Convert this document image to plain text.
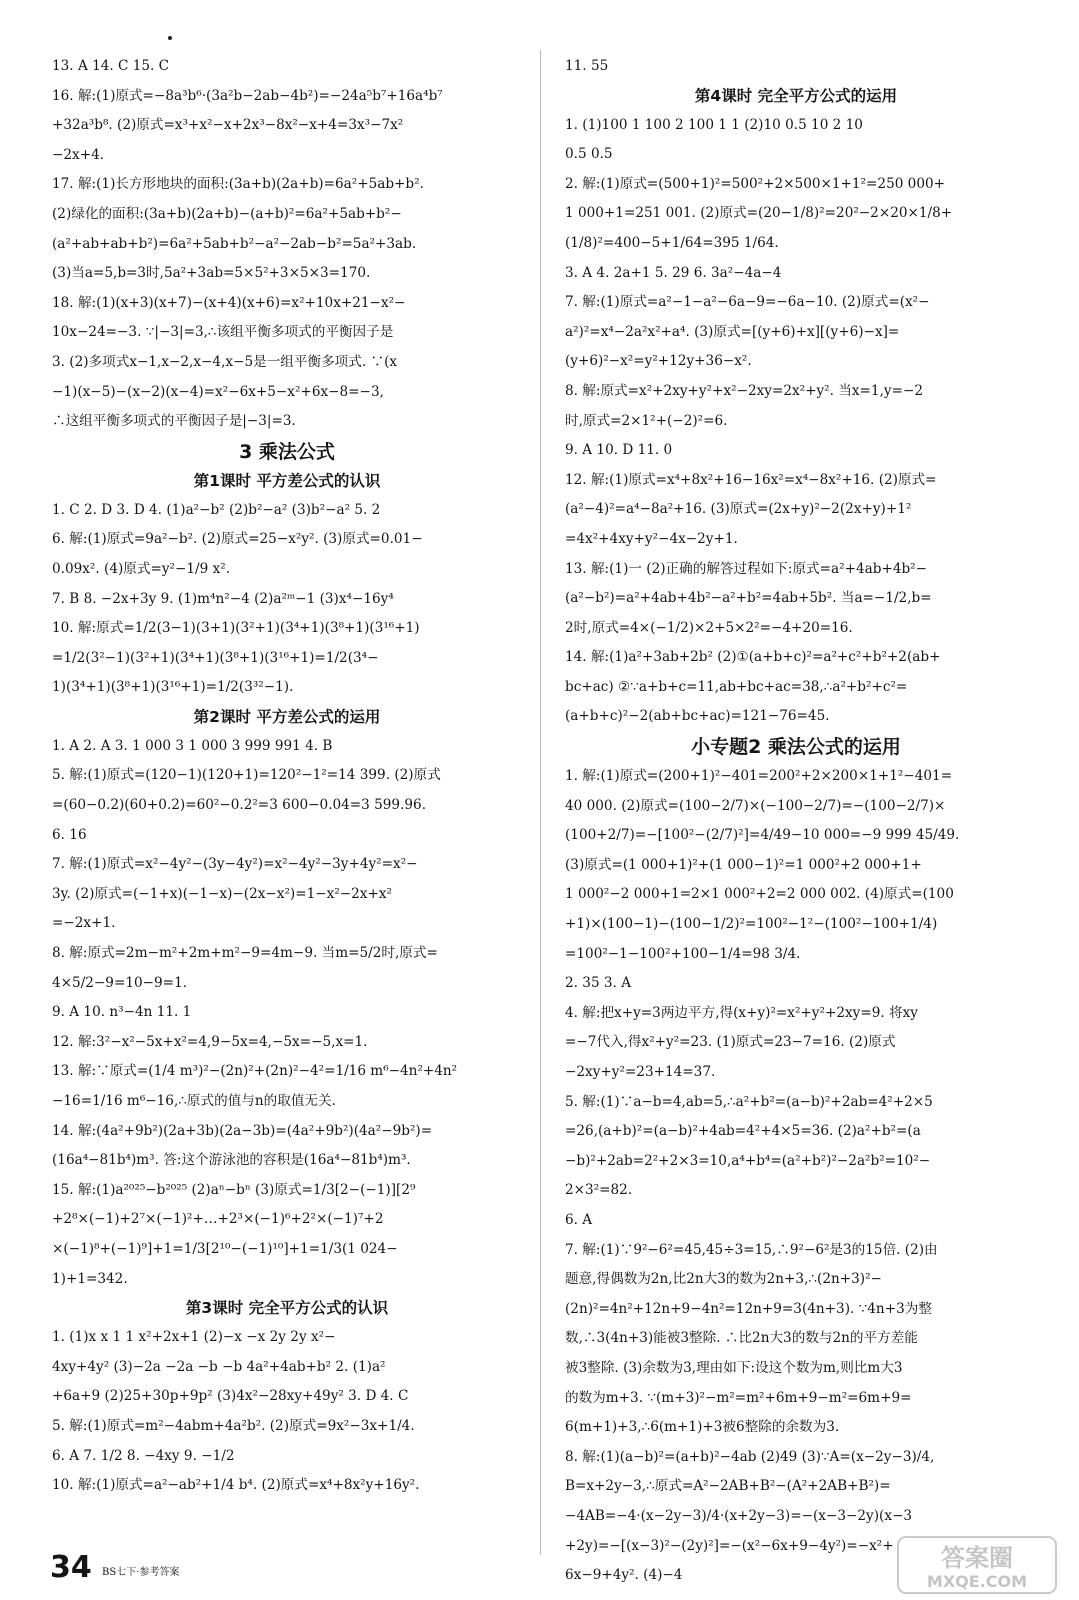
13. A 14. C 15. C
16. 解:(1)原式=−8a³b⁶·(3a²b−2ab−4b²)=−24a⁵b⁷+16a⁴b⁷
+32a³b⁸. (2)原式=x³+x²−x+2x³−8x²−x+4=3x³−7x²
−2x+4.
17. 解:(1)长方形地块的面积:(3a+b)(2a+b)=6a²+5ab+b².
(2)绿化的面积:(3a+b)(2a+b)−(a+b)²=6a²+5ab+b²−
(a²+ab+ab+b²)=6a²+5ab+b²−a²−2ab−b²=5a²+3ab.
(3)当a=5,b=3时,5a²+3ab=5×5²+3×5×3=170.
18. 解:(1)(x+3)(x+7)−(x+4)(x+6)=x²+10x+21−x²−
10x−24=−3. ∵|−3|=3,∴该组平衡多项式的平衡因子是
3. (2)多项式x−1,x−2,x−4,x−5是一组平衡多项式. ∵(x
−1)(x−5)−(x−2)(x−4)=x²−6x+5−x²+6x−8=−3,
∴这组平衡多项式的平衡因子是|−3|=3.
3 乘法公式
第1课时 平方差公式的认识
1. C 2. D 3. D 4. (1)a²−b² (2)b²−a² (3)b²−a² 5. 2
6. 解:(1)原式=9a²−b². (2)原式=25−x²y². (3)原式=0.01−
0.09x². (4)原式=y²−1/9 x².
7. B 8. −2x+3y 9. (1)m⁴n²−4 (2)a²ᵐ−1 (3)x⁴−16y⁴
10. 解:原式=1/2(3−1)(3+1)(3²+1)(3⁴+1)(3⁸+1)(3¹⁶+1)
=1/2(3²−1)(3²+1)(3⁴+1)(3⁸+1)(3¹⁶+1)=1/2(3⁴−
1)(3⁴+1)(3⁸+1)(3¹⁶+1)=1/2(3³²−1).
第2课时 平方差公式的运用
1. A 2. A 3. 1 000 3 1 000 3 999 991 4. B
5. 解:(1)原式=(120−1)(120+1)=120²−1²=14 399. (2)原式
=(60−0.2)(60+0.2)=60²−0.2²=3 600−0.04=3 599.96.
6. 16
7. 解:(1)原式=x²−4y²−(3y−4y²)=x²−4y²−3y+4y²=x²−
3y. (2)原式=(−1+x)(−1−x)−(2x−x²)=1−x²−2x+x²
=−2x+1.
8. 解:原式=2m−m²+2m+m²−9=4m−9. 当m=5/2时,原式=
4×5/2−9=10−9=1.
9. A 10. n³−4n 11. 1
12. 解:3²−x²−5x+x²=4,9−5x=4,−5x=−5,x=1.
13. 解:∵原式=(1/4 m³)²−(2n)²+(2n)²−4²=1/16 m⁶−4n²+4n²
−16=1/16 m⁶−16,∴原式的值与n的取值无关.
14. 解:(4a²+9b²)(2a+3b)(2a−3b)=(4a²+9b²)(4a²−9b²)=
(16a⁴−81b⁴)m³. 答:这个游泳池的容积是(16a⁴−81b⁴)m³.
15. 解:(1)a²⁰²⁵−b²⁰²⁵ (2)aⁿ−bⁿ (3)原式=1/3[2−(−1)][2⁹
+2⁸×(−1)+2⁷×(−1)²+…+2³×(−1)⁶+2²×(−1)⁷+2
×(−1)⁸+(−1)⁹]+1=1/3[2¹⁰−(−1)¹⁰]+1=1/3(1 024−
1)+1=342.
第3课时 完全平方公式的认识
1. (1)x x 1 1 x²+2x+1 (2)−x −x 2y 2y x²−
4xy+4y² (3)−2a −2a −b −b 4a²+4ab+b² 2. (1)a²
+6a+9 (2)25+30p+9p² (3)4x²−28xy+49y² 3. D 4. C
5. 解:(1)原式=m²−4abm+4a²b². (2)原式=9x²−3x+1/4.
6. A 7. 1/2 8. −4xy 9. −1/2
10. 解:(1)原式=a²−ab²+1/4 b⁴. (2)原式=x⁴+8x²y+16y².
11. 55
第4课时 完全平方公式的运用
1. (1)100 1 100 2 100 1 1 (2)10 0.5 10 2 10
0.5 0.5
2. 解:(1)原式=(500+1)²=500²+2×500×1+1²=250 000+
1 000+1=251 001. (2)原式=(20−1/8)²=20²−2×20×1/8+
(1/8)²=400−5+1/64=395 1/64.
3. A 4. 2a+1 5. 29 6. 3a²−4a−4
7. 解:(1)原式=a²−1−a²−6a−9=−6a−10. (2)原式=(x²−
a²)²=x⁴−2a²x²+a⁴. (3)原式=[(y+6)+x][(y+6)−x]=
(y+6)²−x²=y²+12y+36−x².
8. 解:原式=x²+2xy+y²+x²−2xy=2x²+y². 当x=1,y=−2
时,原式=2×1²+(−2)²=6.
9. A 10. D 11. 0
12. 解:(1)原式=x⁴+8x²+16−16x²=x⁴−8x²+16. (2)原式=
(a²−4)²=a⁴−8a²+16. (3)原式=(2x+y)²−2(2x+y)+1²
=4x²+4xy+y²−4x−2y+1.
13. 解:(1)一 (2)正确的解答过程如下:原式=a²+4ab+4b²−
(a²−b²)=a²+4ab+4b²−a²+b²=4ab+5b². 当a=−1/2,b=
2时,原式=4×(−1/2)×2+5×2²=−4+20=16.
14. 解:(1)a²+3ab+2b² (2)①(a+b+c)²=a²+c²+b²+2(ab+
bc+ac) ②∵a+b+c=11,ab+bc+ac=38,∴a²+b²+c²=
(a+b+c)²−2(ab+bc+ac)=121−76=45.
小专题2 乘法公式的运用
1. 解:(1)原式=(200+1)²−401=200²+2×200×1+1²−401=
40 000. (2)原式=(100−2/7)×(−100−2/7)=−(100−2/7)×
(100+2/7)=−[100²−(2/7)²]=4/49−10 000=−9 999 45/49.
(3)原式=(1 000+1)²+(1 000−1)²=1 000²+2 000+1+
1 000²−2 000+1=2×1 000²+2=2 000 002. (4)原式=(100
+1)×(100−1)−(100−1/2)²=100²−1²−(100²−100+1/4)
=100²−1−100²+100−1/4=98 3/4.
2. 35 3. A
4. 解:把x+y=3两边平方,得(x+y)²=x²+y²+2xy=9. 将xy
=−7代入,得x²+y²=23. (1)原式=23−7=16. (2)原式
−2xy+y²=23+14=37.
5. 解:(1)∵a−b=4,ab=5,∴a²+b²=(a−b)²+2ab=4²+2×5
=26,(a+b)²=(a−b)²+4ab=4²+4×5=36. (2)a²+b²=(a
−b)²+2ab=2²+2×3=10,a⁴+b⁴=(a²+b²)²−2a²b²=10²−
2×3²=82.
6. A
7. 解:(1)∵9²−6²=45,45÷3=15,∴9²−6²是3的15倍. (2)由
题意,得偶数为2n,比2n大3的数为2n+3,∴(2n+3)²−
(2n)²=4n²+12n+9−4n²=12n+9=3(4n+3). ∵4n+3为整
数,∴3(4n+3)能被3整除. ∴比2n大3的数与2n的平方差能
被3整除. (3)余数为3,理由如下:设这个数为m,则比m大3
的数为m+3. ∵(m+3)²−m²=m²+6m+9−m²=6m+9=
6(m+1)+3,∴6(m+1)+3被6整除的余数为3.
8. 解:(1)(a−b)²=(a+b)²−4ab (2)49 (3)∵A=(x−2y−3)/4,
B=x+2y−3,∴原式=A²−2AB+B²−(A²+2AB+B²)=
−4AB=−4·(x−2y−3)/4·(x+2y−3)=−(x−3−2y)(x−3
+2y)=−[(x−3)²−(2y)²]=−(x²−6x+9−4y²)=−x²+
6x−9+4y². (4)−4
34 BS七下·参考答案
答案圈
MXQE.COM
